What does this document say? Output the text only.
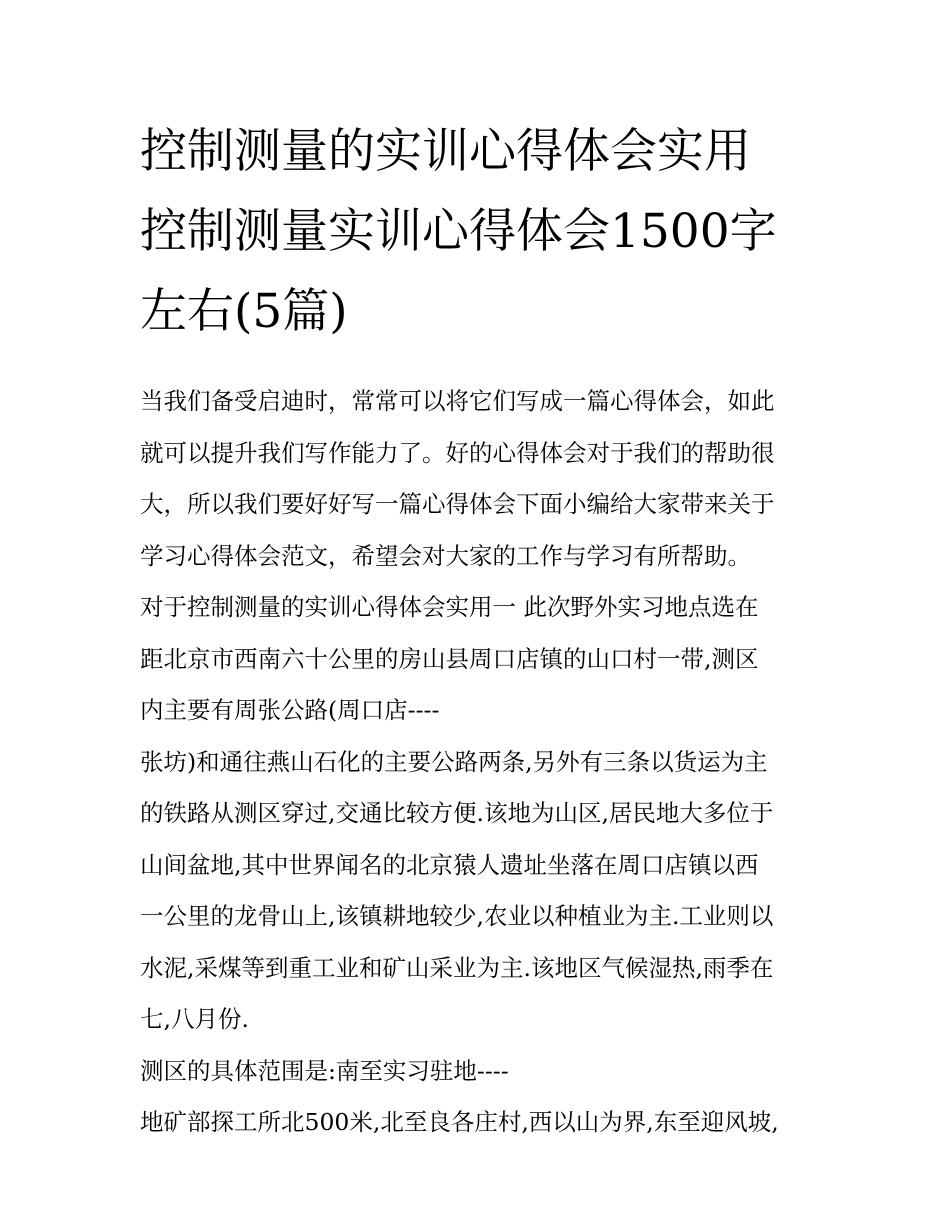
控制测量的实训心得体会实用
控制测量实训心得体会1500字
左右(5篇)
当我们备受启迪时，常常可以将它们写成一篇心得体会，如此
就可以提升我们写作能力了。好的心得体会对于我们的帮助很
大，所以我们要好好写一篇心得体会下面小编给大家带来关于
学习心得体会范文，希望会对大家的工作与学习有所帮助。
对于控制测量的实训心得体会实用一 此次野外实习地点选在
距北京市西南六十公里的房山县周口店镇的山口村一带,测区
内主要有周张公路(周口店----
张坊)和通往燕山石化的主要公路两条,另外有三条以货运为主
的铁路从测区穿过,交通比较方便.该地为山区,居民地大多位于
山间盆地,其中世界闻名的北京猿人遗址坐落在周口店镇以西
一公里的龙骨山上,该镇耕地较少,农业以种植业为主.工业则以
水泥,采煤等到重工业和矿山采业为主.该地区气候湿热,雨季在
七,八月份.
测区的具体范围是:南至实习驻地----
地矿部探工所北500米,北至良各庄村,西以山为界,东至迎风坡,
